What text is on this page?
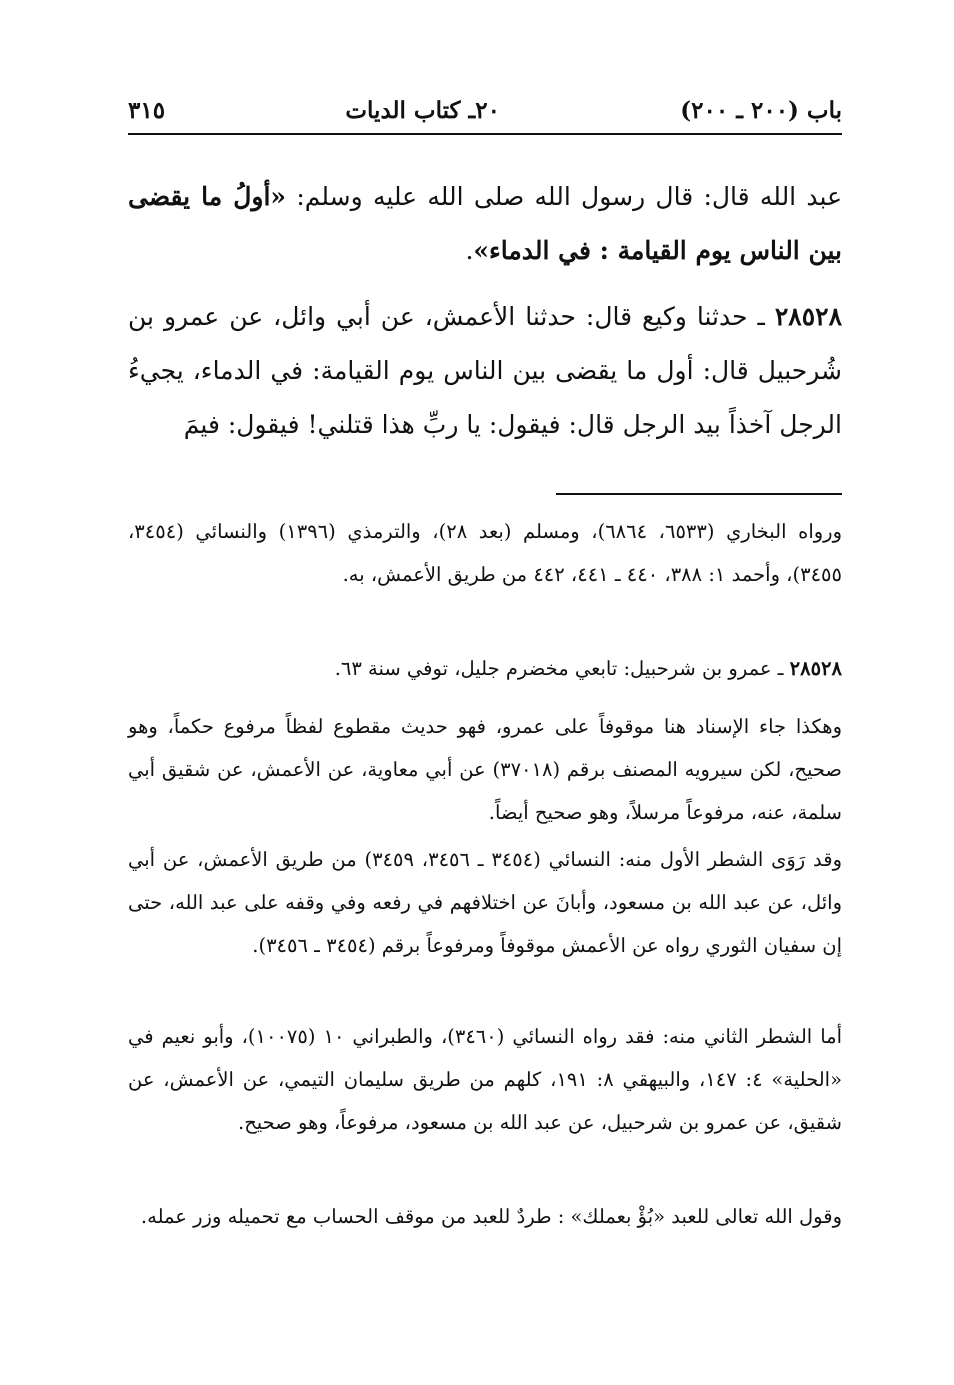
باب (٢٠٠ ـ ٢٠٠)
٢٠ـ كتاب الديات
٣١٥

عبد الله قال: قال رسول الله صلى الله عليه وسلم: «أولُ ما يقضى بين الناس يوم القيامة : في الدماء».

٢٨٥٢٨ ـ حدثنا وكيع قال: حدثنا الأعمش، عن أبي وائل، عن عمرو بن شُرحبيل قال: أول ما يقضى بين الناس يوم القيامة: في الدماء، يجيءُ الرجل آخذاً بيد الرجل قال: فيقول: يا ربِّ هذا قتلني! فيقول: فيمَ

ورواه البخاري (٦٥٣٣، ٦٨٦٤)، ومسلم (بعد ٢٨)، والترمذي (١٣٩٦) والنسائي (٣٤٥٤، ٣٤٥٥)، وأحمد ١: ٣٨٨، ٤٤٠ ـ ٤٤١، ٤٤٢ من طريق الأعمش، به.

٢٨٥٢٨ ـ عمرو بن شرحبيل: تابعي مخضرم جليل، توفي سنة ٦٣.

وهكذا جاء الإسناد هنا موقوفاً على عمرو، فهو حديث مقطوع لفظاً مرفوع حكماً، وهو صحيح، لكن سيرويه المصنف برقم (٣٧٠١٨) عن أبي معاوية، عن الأعمش، عن شقيق أبي سلمة، عنه، مرفوعاً مرسلاً، وهو صحيح أيضاً.

وقد رَوَى الشطر الأول منه: النسائي (٣٤٥٤ ـ ٣٤٥٦، ٣٤٥٩) من طريق الأعمش، عن أبي وائل، عن عبد الله بن مسعود، وأبانَ عن اختلافهم في رفعه وفي وقفه على عبد الله، حتى إن سفيان الثوري رواه عن الأعمش موقوفاً ومرفوعاً برقم (٣٤٥٤ ـ ٣٤٥٦).

أما الشطر الثاني منه: فقد رواه النسائي (٣٤٦٠)، والطبراني ١٠ (١٠٠٧٥)، وأبو نعيم في «الحلية» ٤: ١٤٧، والبيهقي ٨: ١٩١، كلهم من طريق سليمان التيمي، عن الأعمش، عن شقيق، عن عمرو بن شرحبيل، عن عبد الله بن مسعود، مرفوعاً، وهو صحيح.

وقول الله تعالى للعبد «بُؤْ بعملك» : طردٌ للعبد من موقف الحساب مع تحميله وزر عمله.
